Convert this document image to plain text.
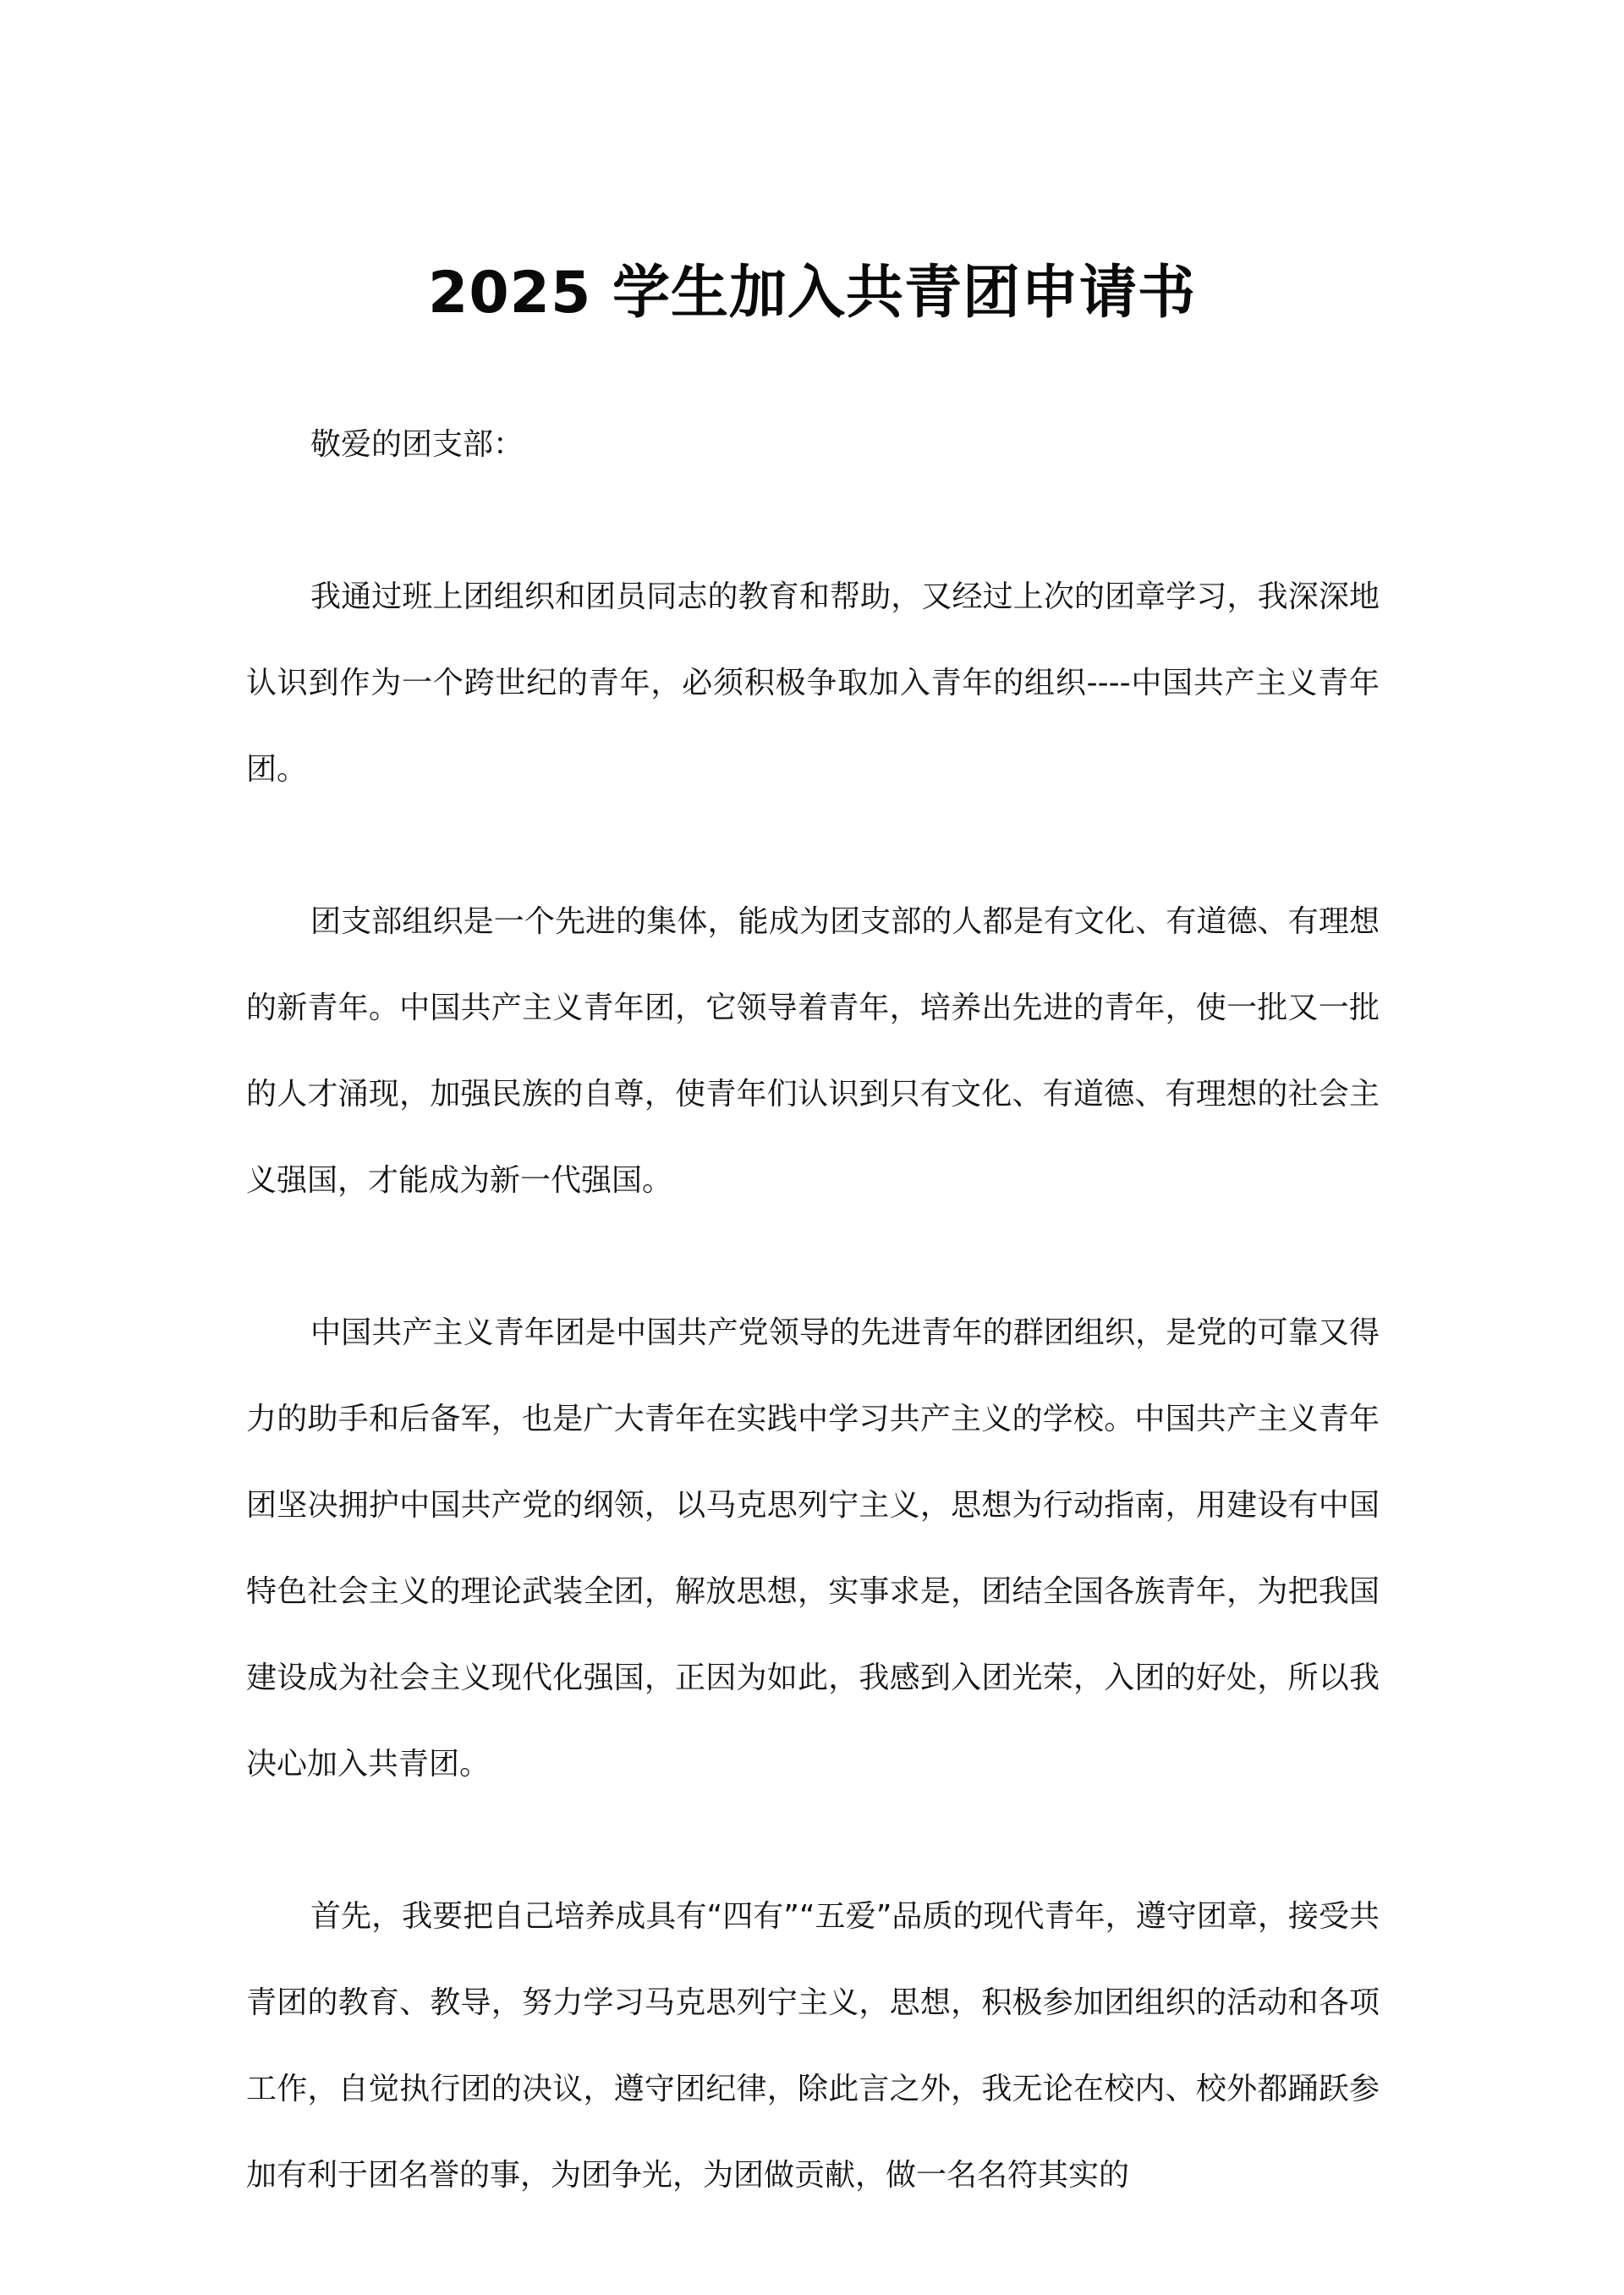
2025 学生加入共青团申请书

敬爱的团支部：

我通过班上团组织和团员同志的教育和帮助，又经过上次的团章学习，我深深地认识到作为一个跨世纪的青年，必须积极争取加入青年的组织----中国共产主义青年团。

团支部组织是一个先进的集体，能成为团支部的人都是有文化、有道德、有理想的新青年。中国共产主义青年团，它领导着青年，培养出先进的青年，使一批又一批的人才涌现，加强民族的自尊，使青年们认识到只有文化、有道德、有理想的社会主义强国，才能成为新一代强国。

中国共产主义青年团是中国共产党领导的先进青年的群团组织，是党的可靠又得力的助手和后备军，也是广大青年在实践中学习共产主义的学校。中国共产主义青年团坚决拥护中国共产党的纲领，以马克思列宁主义，思想为行动指南，用建设有中国特色社会主义的理论武装全团，解放思想，实事求是，团结全国各族青年，为把我国建设成为社会主义现代化强国，正因为如此，我感到入团光荣，入团的好处，所以我决心加入共青团。

首先，我要把自己培养成具有“四有”“五爱”品质的现代青年，遵守团章，接受共青团的教育、教导，努力学习马克思列宁主义，思想，积极参加团组织的活动和各项工作，自觉执行团的决议，遵守团纪律，除此言之外，我无论在校内、校外都踊跃参加有利于团名誉的事，为团争光，为团做贡献，做一名名符其实的
